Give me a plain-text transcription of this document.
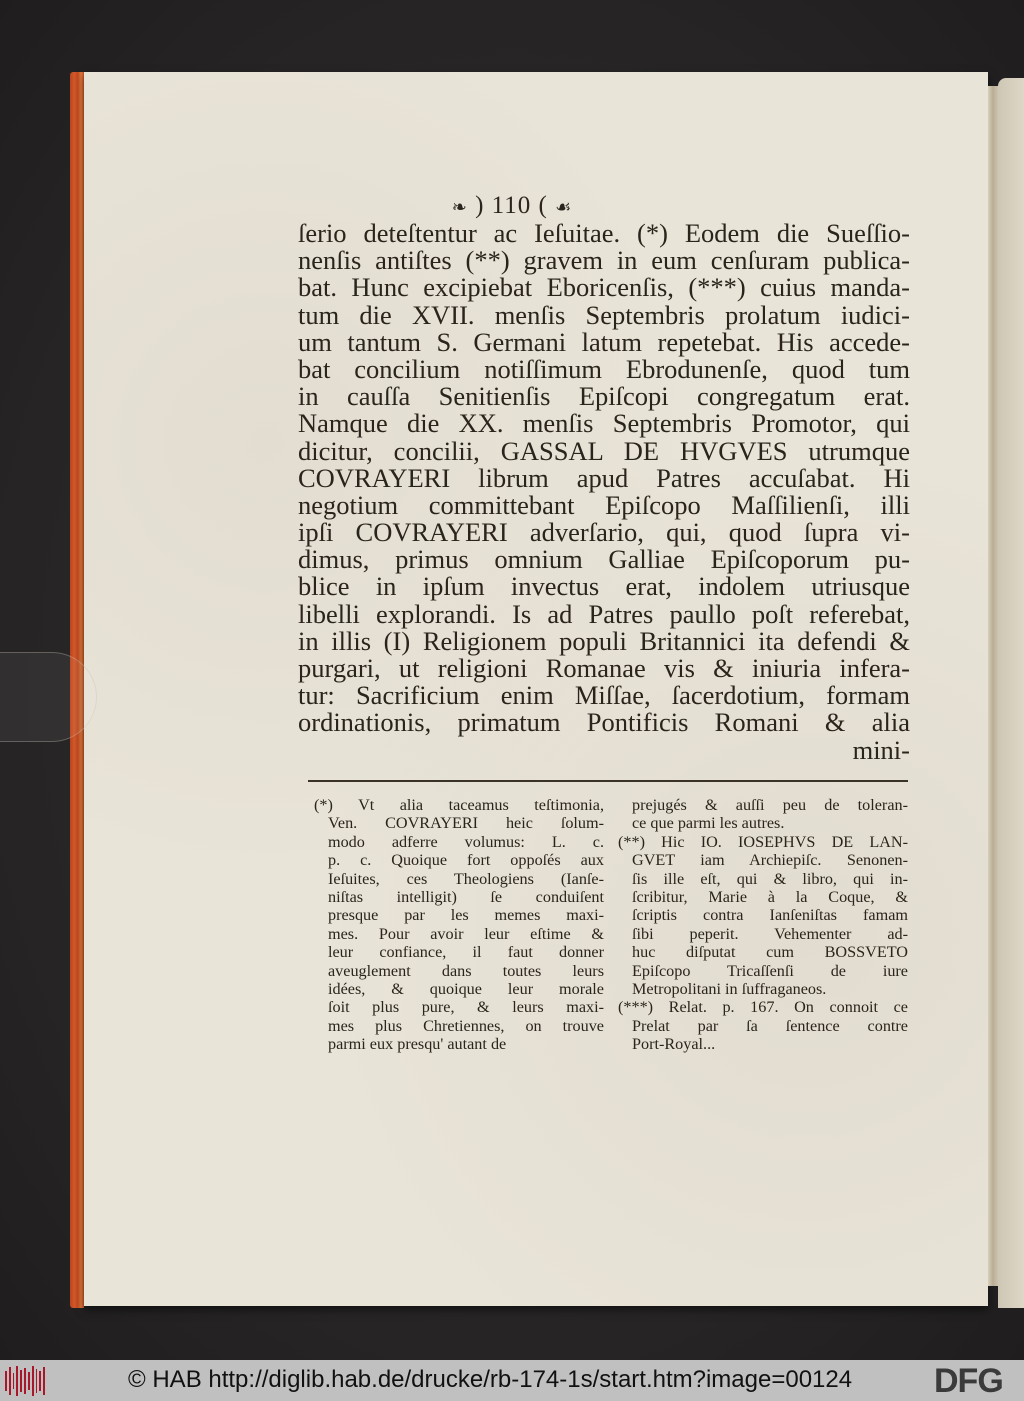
❧ ) 110 ( ☙
ſerio deteſtentur ac Ieſuitae. (*) Eodem die Sueſſio-
nenſis antiſtes (**) gravem in eum cenſuram publica-
bat. Hunc excipiebat Eboricenſis, (***) cuius manda-
tum die XVII. menſis Septembris prolatum iudici-
um tantum S. Germani latum repetebat. His accede-
bat concilium notiſſimum Ebrodunenſe, quod tum
in cauſſa Senitienſis Epiſcopi congregatum erat.
Namque die XX. menſis Septembris Promotor, qui
dicitur, concilii, GASSAL DE HVGVES utrumque
COVRAYERI librum apud Patres accuſabat. Hi
negotium committebant Epiſcopo Maſſilienſi, illi
ipſi COVRAYERI adverſario, qui, quod ſupra vi-
dimus, primus omnium Galliae Epiſcoporum pu-
blice in ipſum invectus erat, indolem utriusque
libelli explorandi. Is ad Patres paullo poſt referebat,
in illis (I) Religionem populi Britannici ita defendi &
purgari, ut religioni Romanae vis & iniuria infera-
tur: Sacrificium enim Miſſae, ſacerdotium, formam
ordinationis, primatum Pontificis Romani & alia
mini-
(*) Vt alia taceamus teſtimonia,
Ven. COVRAYERI heic ſolum-
modo adferre volumus: L. c.
p. c. Quoique fort oppoſés aux
Ieſuites, ces Theologiens (Ianſe-
niſtas intelligit) ſe conduiſent
presque par les memes maxi-
mes. Pour avoir leur eſtime &
leur confiance, il faut donner
aveuglement dans toutes leurs
idées, & quoique leur morale
ſoit plus pure, & leurs maxi-
mes plus Chretiennes, on trouve
parmi eux presqu' autant de
prejugés & auſſi peu de toleran-
ce que parmi les autres.
(**) Hic IO. IOSEPHVS DE LAN-
GVET iam Archiepiſc. Senonen-
ſis ille eſt, qui & libro, qui in-
ſcribitur, Marie à la Coque, &
ſcriptis contra Ianſeniſtas famam
ſibi peperit. Vehementer ad-
huc diſputat cum BOSSVETO
Epiſcopo Tricaſſenſi de iure
Metropolitani in ſuffraganeos.
(***) Relat. p. 167. On connoit ce
Prelat par ſa ſentence contre
Port-Royal...
© HAB http://diglib.hab.de/drucke/rb-174-1s/start.htm?image=00124 DFG
